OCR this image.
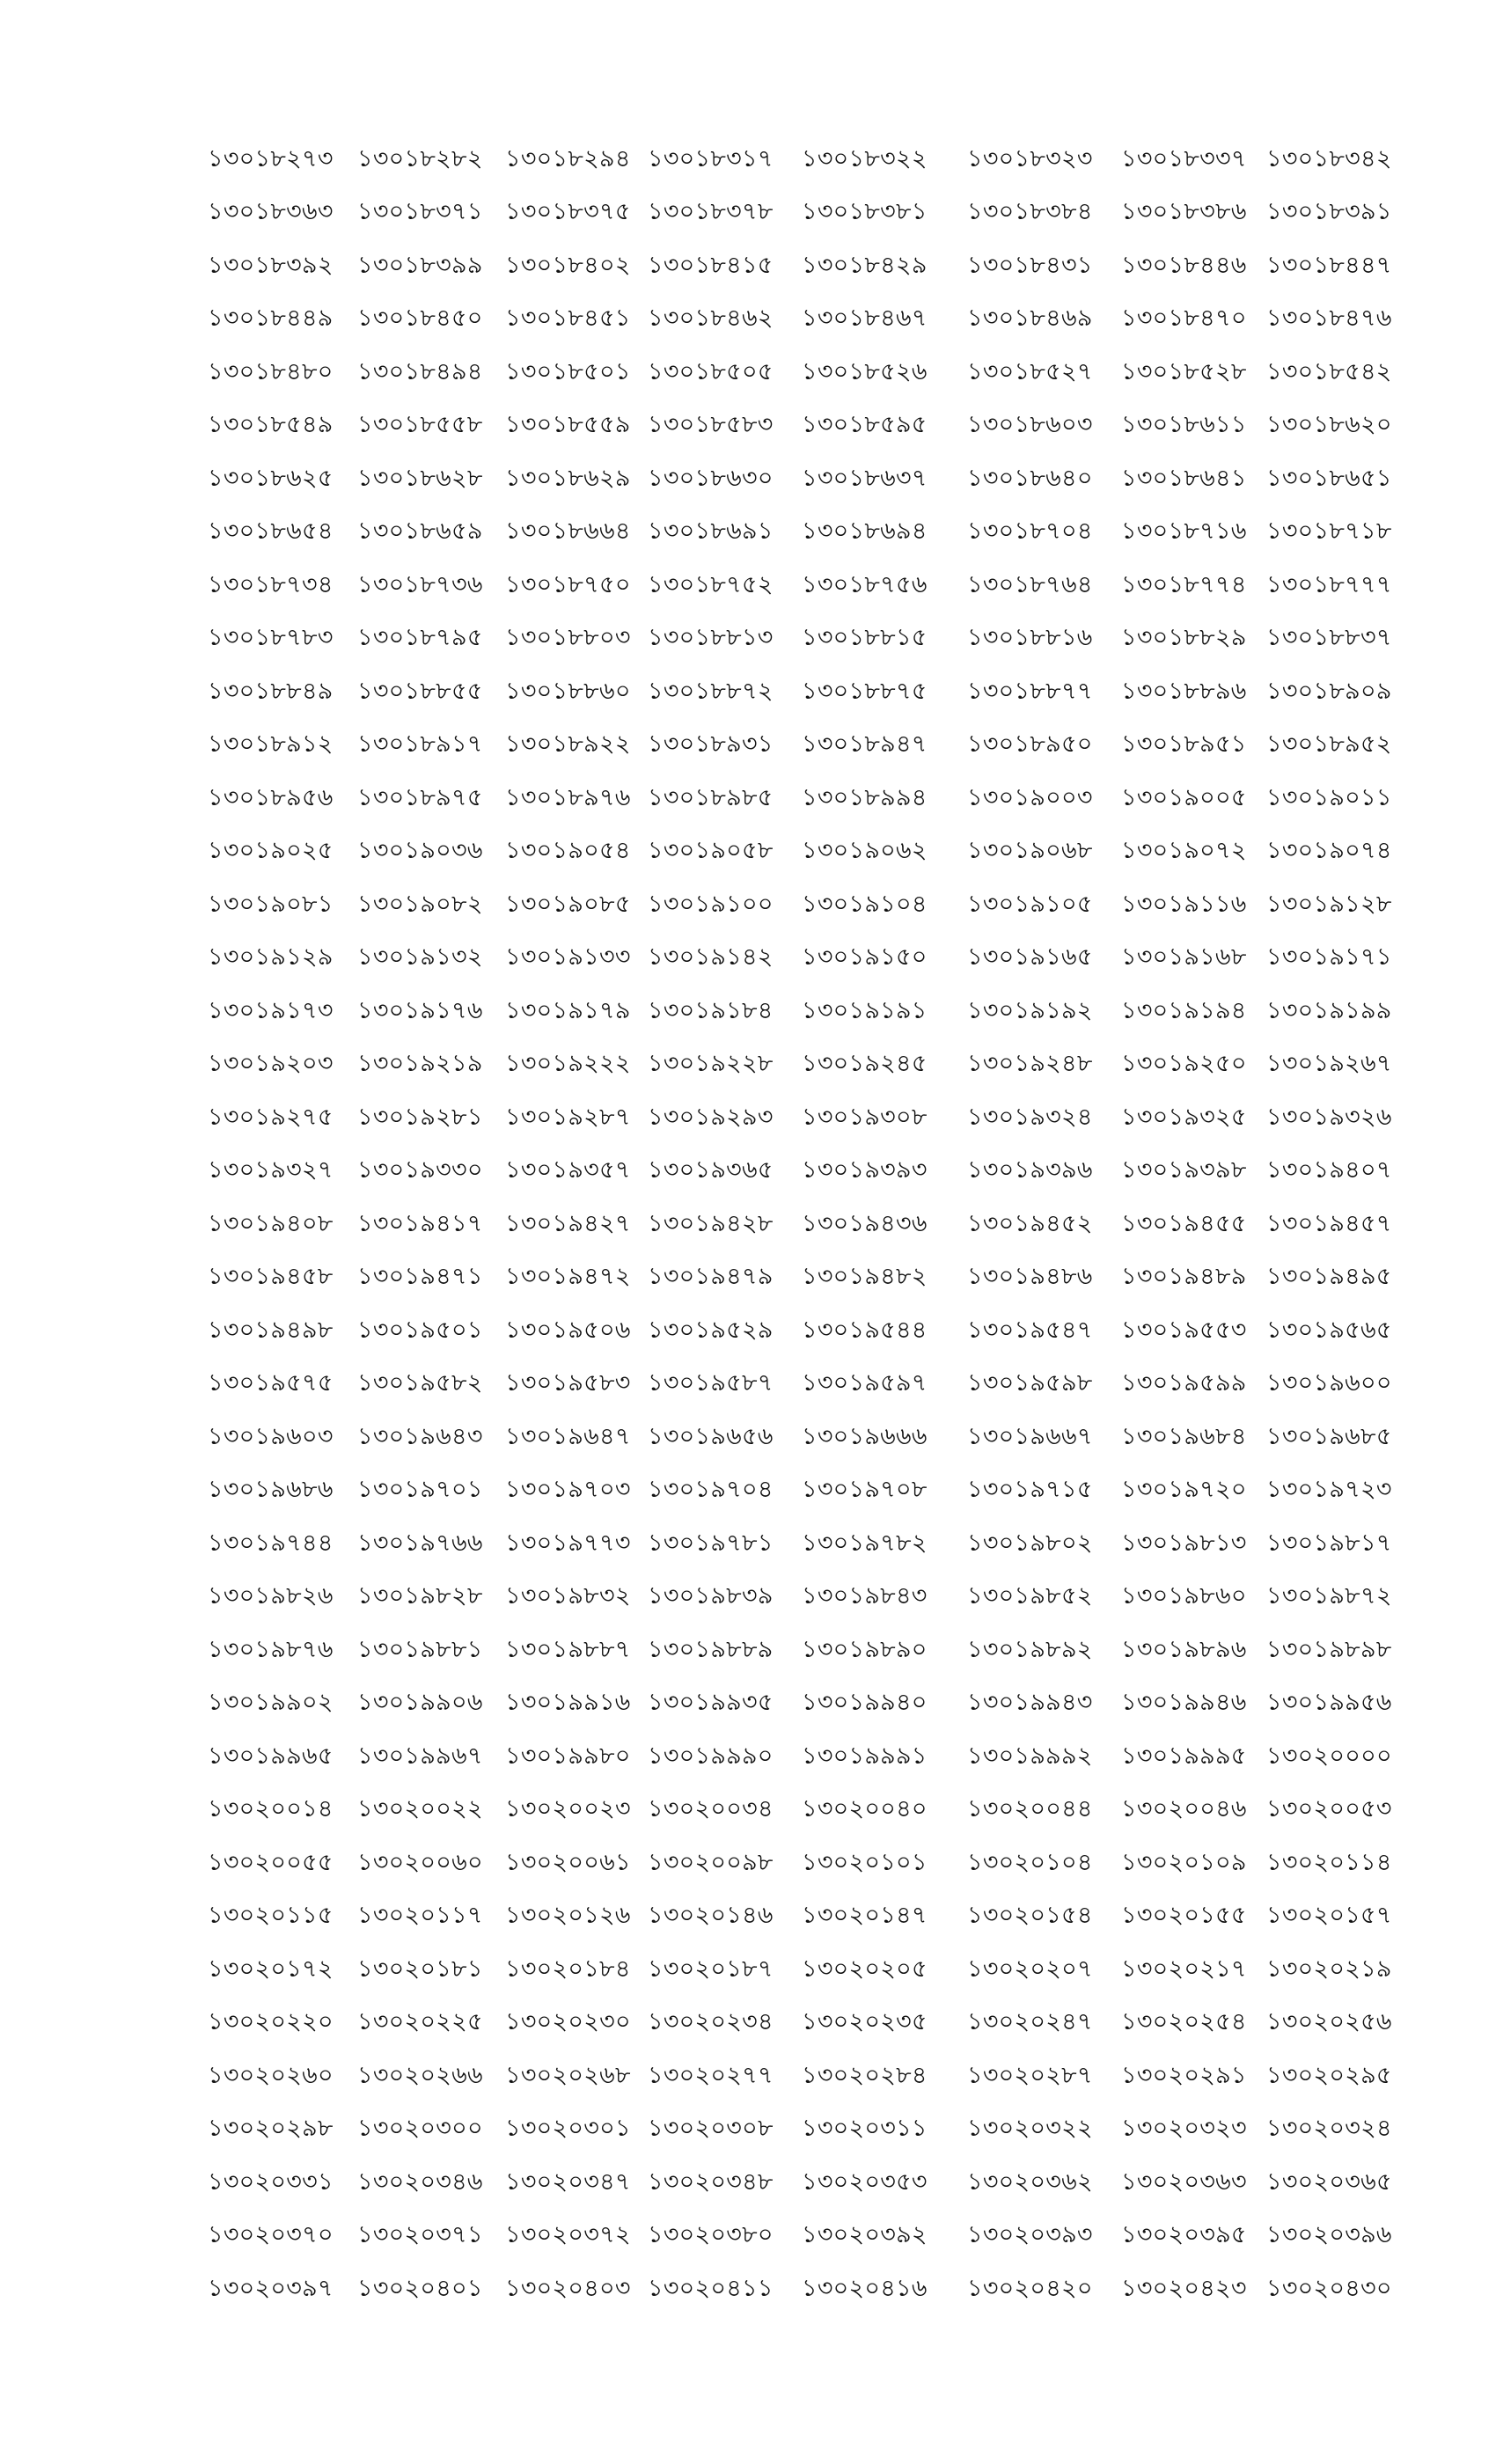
১৩০১৮২৭৩	১৩০১৮২৮২ ১৩০১৮২৯৪ ১৩০১৮৩১৭	১৩০১৮৩২২	১৩০১৮৩২৩	১৩০১৮৩৩৭ ১৩০১৮৩৪২
১৩০১৮৩৬৩	১৩০১৮৩৭১ ১৩০১৮৩৭৫ ১৩০১৮৩৭৮	১৩০১৮৩৮১	১৩০১৮৩৮৪	১৩০১৮৩৮৬ ১৩০১৮৩৯১
১৩০১৮৩৯২	১৩০১৮৩৯৯ ১৩০১৮৪০২ ১৩০১৮৪১৫	১৩০১৮৪২৯	১৩০১৮৪৩১	১৩০১৮৪৪৬ ১৩০১৮৪৪৭
১৩০১৮৪৪৯	১৩০১৮৪৫০ ১৩০১৮৪৫১ ১৩০১৮৪৬২	১৩০১৮৪৬৭	১৩০১৮৪৬৯	১৩০১৮৪৭০ ১৩০১৮৪৭৬
১৩০১৮৪৮০	১৩০১৮৪৯৪ ১৩০১৮৫০১ ১৩০১৮৫০৫	১৩০১৮৫২৬	১৩০১৮৫২৭	১৩০১৮৫২৮ ১৩০১৮৫৪২
১৩০১৮৫৪৯	১৩০১৮৫৫৮ ১৩০১৮৫৫৯ ১৩০১৮৫৮৩	১৩০১৮৫৯৫	১৩০১৮৬০৩	১৩০১৮৬১১ ১৩০১৮৬২০
১৩০১৮৬২৫	১৩০১৮৬২৮ ১৩০১৮৬২৯ ১৩০১৮৬৩০	১৩০১৮৬৩৭	১৩০১৮৬৪০	১৩০১৮৬৪১ ১৩০১৮৬৫১
১৩০১৮৬৫৪	১৩০১৮৬৫৯ ১৩০১৮৬৬৪ ১৩০১৮৬৯১	১৩০১৮৬৯৪	১৩০১৮৭০৪	১৩০১৮৭১৬ ১৩০১৮৭১৮
১৩০১৮৭৩৪	১৩০১৮৭৩৬ ১৩০১৮৭৫০ ১৩০১৮৭৫২	১৩০১৮৭৫৬	১৩০১৮৭৬৪	১৩০১৮৭৭৪ ১৩০১৮৭৭৭
১৩০১৮৭৮৩	১৩০১৮৭৯৫ ১৩০১৮৮০৩ ১৩০১৮৮১৩	১৩০১৮৮১৫	১৩০১৮৮১৬	১৩০১৮৮২৯ ১৩০১৮৮৩৭
১৩০১৮৮৪৯	১৩০১৮৮৫৫ ১৩০১৮৮৬০ ১৩০১৮৮৭২	১৩০১৮৮৭৫	১৩০১৮৮৭৭	১৩০১৮৮৯৬ ১৩০১৮৯০৯
১৩০১৮৯১২	১৩০১৮৯১৭ ১৩০১৮৯২২ ১৩০১৮৯৩১	১৩০১৮৯৪৭	১৩০১৮৯৫০	১৩০১৮৯৫১ ১৩০১৮৯৫২
১৩০১৮৯৫৬	১৩০১৮৯৭৫ ১৩০১৮৯৭৬ ১৩০১৮৯৮৫	১৩০১৮৯৯৪	১৩০১৯০০৩	১৩০১৯০০৫ ১৩০১৯০১১
১৩০১৯০২৫	১৩০১৯০৩৬ ১৩০১৯০৫৪ ১৩০১৯০৫৮	১৩০১৯০৬২	১৩০১৯০৬৮	১৩০১৯০৭২ ১৩০১৯০৭৪
১৩০১৯০৮১	১৩০১৯০৮২ ১৩০১৯০৮৫ ১৩০১৯১০০	১৩০১৯১০৪	১৩০১৯১০৫	১৩০১৯১১৬ ১৩০১৯১২৮
১৩০১৯১২৯	১৩০১৯১৩২ ১৩০১৯১৩৩ ১৩০১৯১৪২	১৩০১৯১৫০	১৩০১৯১৬৫	১৩০১৯১৬৮ ১৩০১৯১৭১
১৩০১৯১৭৩	১৩০১৯১৭৬ ১৩০১৯১৭৯ ১৩০১৯১৮৪	১৩০১৯১৯১	১৩০১৯১৯২	১৩০১৯১৯৪ ১৩০১৯১৯৯
১৩০১৯২০৩	১৩০১৯২১৯ ১৩০১৯২২২ ১৩০১৯২২৮	১৩০১৯২৪৫	১৩০১৯২৪৮	১৩০১৯২৫০ ১৩০১৯২৬৭
১৩০১৯২৭৫	১৩০১৯২৮১ ১৩০১৯২৮৭ ১৩০১৯২৯৩	১৩০১৯৩০৮	১৩০১৯৩২৪	১৩০১৯৩২৫ ১৩০১৯৩২৬
১৩০১৯৩২৭	১৩০১৯৩৩০ ১৩০১৯৩৫৭ ১৩০১৯৩৬৫	১৩০১৯৩৯৩	১৩০১৯৩৯৬	১৩০১৯৩৯৮ ১৩০১৯৪০৭
১৩০১৯৪০৮	১৩০১৯৪১৭ ১৩০১৯৪২৭ ১৩০১৯৪২৮	১৩০১৯৪৩৬	১৩০১৯৪৫২	১৩০১৯৪৫৫ ১৩০১৯৪৫৭
১৩০১৯৪৫৮	১৩০১৯৪৭১ ১৩০১৯৪৭২ ১৩০১৯৪৭৯	১৩০১৯৪৮২	১৩০১৯৪৮৬	১৩০১৯৪৮৯ ১৩০১৯৪৯৫
১৩০১৯৪৯৮	১৩০১৯৫০১ ১৩০১৯৫০৬ ১৩০১৯৫২৯	১৩০১৯৫৪৪	১৩০১৯৫৪৭	১৩০১৯৫৫৩ ১৩০১৯৫৬৫
১৩০১৯৫৭৫	১৩০১৯৫৮২ ১৩০১৯৫৮৩ ১৩০১৯৫৮৭	১৩০১৯৫৯৭	১৩০১৯৫৯৮	১৩০১৯৫৯৯ ১৩০১৯৬০০
১৩০১৯৬০৩	১৩০১৯৬৪৩ ১৩০১৯৬৪৭ ১৩০১৯৬৫৬	১৩০১৯৬৬৬	১৩০১৯৬৬৭	১৩০১৯৬৮৪ ১৩০১৯৬৮৫
১৩০১৯৬৮৬	১৩০১৯৭০১ ১৩০১৯৭০৩ ১৩০১৯৭০৪	১৩০১৯৭০৮	১৩০১৯৭১৫	১৩০১৯৭২০ ১৩০১৯৭২৩
১৩০১৯৭৪৪	১৩০১৯৭৬৬ ১৩০১৯৭৭৩ ১৩০১৯৭৮১	১৩০১৯৭৮২	১৩০১৯৮০২	১৩০১৯৮১৩ ১৩০১৯৮১৭
১৩০১৯৮২৬	১৩০১৯৮২৮ ১৩০১৯৮৩২ ১৩০১৯৮৩৯	১৩০১৯৮৪৩	১৩০১৯৮৫২	১৩০১৯৮৬০ ১৩০১৯৮৭২
১৩০১৯৮৭৬	১৩০১৯৮৮১ ১৩০১৯৮৮৭ ১৩০১৯৮৮৯	১৩০১৯৮৯০	১৩০১৯৮৯২	১৩০১৯৮৯৬ ১৩০১৯৮৯৮
১৩০১৯৯০২	১৩০১৯৯০৬ ১৩০১৯৯১৬ ১৩০১৯৯৩৫	১৩০১৯৯৪০	১৩০১৯৯৪৩	১৩০১৯৯৪৬ ১৩০১৯৯৫৬
১৩০১৯৯৬৫	১৩০১৯৯৬৭ ১৩০১৯৯৮০ ১৩০১৯৯৯০	১৩০১৯৯৯১	১৩০১৯৯৯২	১৩০১৯৯৯৫ ১৩০২০০০০
১৩০২০০১৪	১৩০২০০২২ ১৩০২০০২৩ ১৩০২০০৩৪	১৩০২০০৪০	১৩০২০০৪৪	১৩০২০০৪৬ ১৩০২০০৫৩
১৩০২০০৫৫	১৩০২০০৬০ ১৩০২০০৬১ ১৩০২০০৯৮	১৩০২০১০১	১৩০২০১০৪	১৩০২০১০৯ ১৩০২০১১৪
১৩০২০১১৫	১৩০২০১১৭ ১৩০২০১২৬ ১৩০২০১৪৬	১৩০২০১৪৭	১৩০২০১৫৪	১৩০২০১৫৫ ১৩০২০১৫৭
১৩০২০১৭২	১৩০২০১৮১ ১৩০২০১৮৪ ১৩০২০১৮৭	১৩০২০২০৫	১৩০২০২০৭	১৩০২০২১৭ ১৩০২০২১৯
১৩০২০২২০	১৩০২০২২৫ ১৩০২০২৩০ ১৩০২০২৩৪	১৩০২০২৩৫	১৩০২০২৪৭	১৩০২০২৫৪ ১৩০২০২৫৬
১৩০২০২৬০	১৩০২০২৬৬ ১৩০২০২৬৮ ১৩০২০২৭৭	১৩০২০২৮৪	১৩০২০২৮৭	১৩০২০২৯১ ১৩০২০২৯৫
১৩০২০২৯৮	১৩০২০৩০০ ১৩০২০৩০১ ১৩০২০৩০৮	১৩০২০৩১১	১৩০২০৩২২	১৩০২০৩২৩ ১৩০২০৩২৪
১৩০২০৩৩১	১৩০২০৩৪৬ ১৩০২০৩৪৭ ১৩০২০৩৪৮	১৩০২০৩৫৩	১৩০২০৩৬২	১৩০২০৩৬৩ ১৩০২০৩৬৫
১৩০২০৩৭০	১৩০২০৩৭১ ১৩০২০৩৭২ ১৩০২০৩৮০	১৩০২০৩৯২	১৩০২০৩৯৩	১৩০২০৩৯৫ ১৩০২০৩৯৬
১৩০২০৩৯৭	১৩০২০৪০১ ১৩০২০৪০৩ ১৩০২০৪১১	১৩০২০৪১৬	১৩০২০৪২০	১৩০২০৪২৩ ১৩০২০৪৩০
